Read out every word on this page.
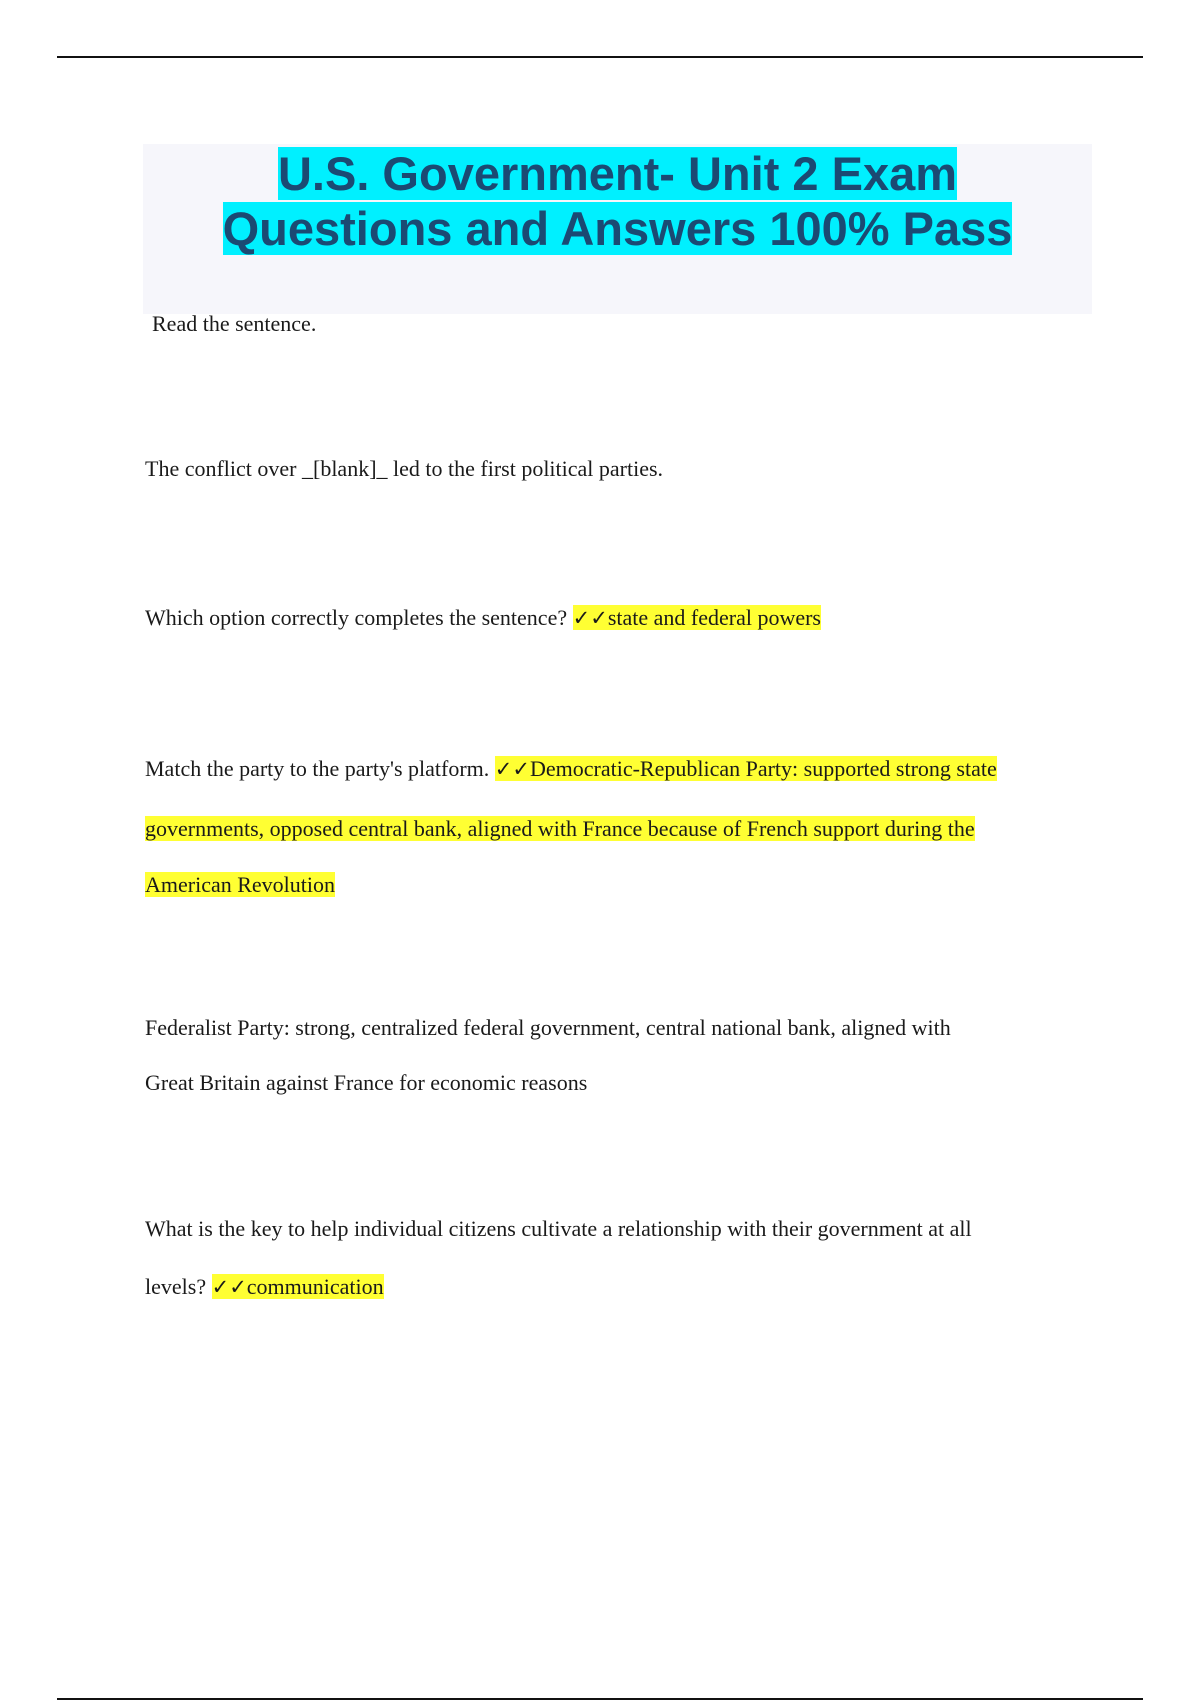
U.S. Government- Unit 2 Exam
Questions and Answers 100% Pass

Read the sentence.

The conflict over _[blank]_ led to the first political parties.

Which option correctly completes the sentence? ✓✓state and federal powers

Match the party to the party's platform. ✓✓Democratic-Republican Party: supported strong state

governments, opposed central bank, aligned with France because of French support during the

American Revolution

Federalist Party: strong, centralized federal government, central national bank, aligned with

Great Britain against France for economic reasons

What is the key to help individual citizens cultivate a relationship with their government at all

levels? ✓✓communication
